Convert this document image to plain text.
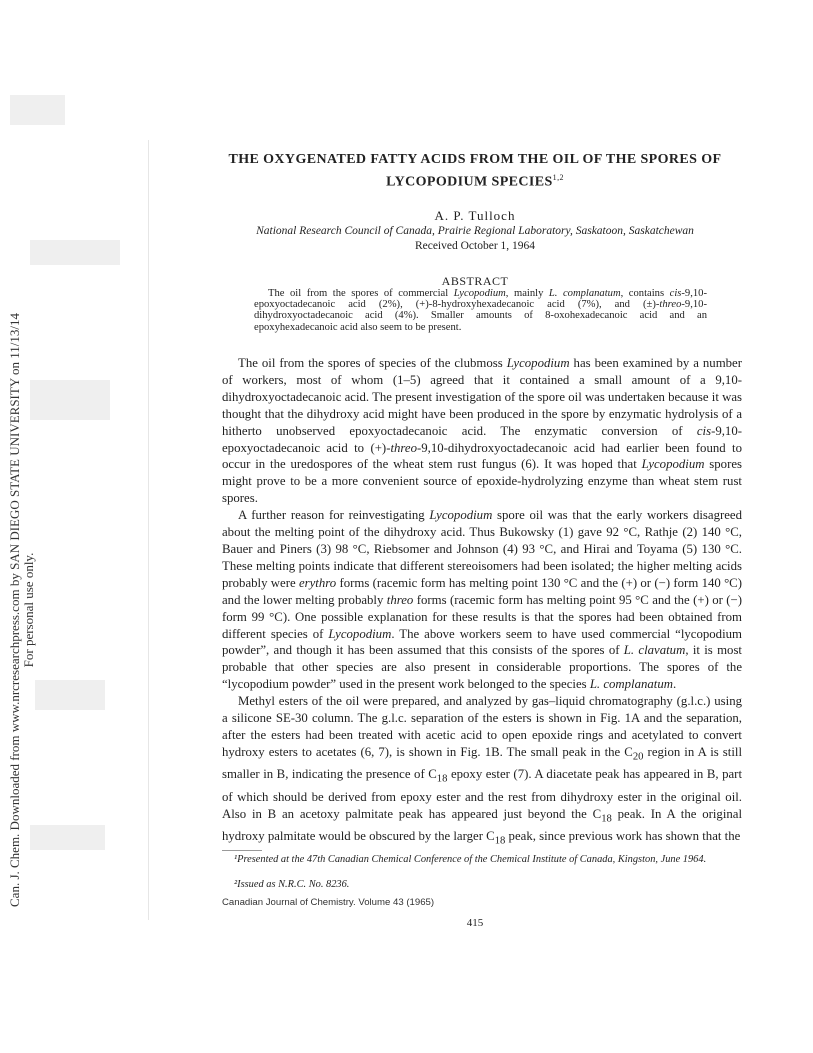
Can. J. Chem. Downloaded from www.nrcresearchpress.com by SAN DIEGO STATE UNIVERSITY on 11/13/14 For personal use only.
THE OXYGENATED FATTY ACIDS FROM THE OIL OF THE SPORES OF
LYCOPODIUM SPECIES$^{1,2}$
A. P. Tulloch
National Research Council of Canada, Prairie Regional Laboratory, Saskatoon, Saskatchewan
Received October 1, 1964
ABSTRACT
The oil from the spores of commercial Lycopodium, mainly L. complanatum, contains cis-9,10-epoxyoctadecanoic acid (2%), (+)-8-hydroxyhexadecanoic acid (7%), and (±)-threo-9,10-dihydroxyoctadecanoic acid (4%). Smaller amounts of 8-oxohexadecanoic acid and an epoxyhexadecanoic acid also seem to be present.

The oil from the spores of species of the clubmoss Lycopodium has been examined by a number of workers, most of whom (1–5) agreed that it contained a small amount of a 9,10-dihydroxyoctadecanoic acid. The present investigation of the spore oil was undertaken because it was thought that the dihydroxy acid might have been produced in the spore by enzymatic hydrolysis of a hitherto unobserved epoxyoctadecanoic acid. The enzymatic conversion of cis-9,10-epoxyoctadecanoic acid to (+)-threo-9,10-dihydroxyoctadecanoic acid had earlier been found to occur in the uredospores of the wheat stem rust fungus (6). It was hoped that Lycopodium spores might prove to be a more convenient source of epoxide-hydrolyzing enzyme than wheat stem rust spores.

A further reason for reinvestigating Lycopodium spore oil was that the early workers disagreed about the melting point of the dihydroxy acid. Thus Bukowsky (1) gave 92 °C, Rathje (2) 140 °C, Bauer and Piners (3) 98 °C, Riebsomer and Johnson (4) 93 °C, and Hirai and Toyama (5) 130 °C. These melting points indicate that different stereoisomers had been isolated; the higher melting acids probably were erythro forms (racemic form has melting point 130 °C and the (+) or (−) form 140 °C) and the lower melting probably threo forms (racemic form has melting point 95 °C and the (+) or (−) form 99 °C). One possible explanation for these results is that the spores had been obtained from different species of Lycopodium. The above workers seem to have used commercial “lycopodium powder”, and though it has been assumed that this consists of the spores of L. clavatum, it is most probable that other species are also present in considerable proportions. The spores of the “lycopodium powder” used in the present work belonged to the species L. complanatum.

Methyl esters of the oil were prepared, and analyzed by gas–liquid chromatography (g.l.c.) using a silicone SE-30 column. The g.l.c. separation of the esters is shown in Fig. 1A and the separation, after the esters had been treated with acetic acid to open epoxide rings and acetylated to convert hydroxy esters to acetates (6, 7), is shown in Fig. 1B. The small peak in the $C_{20}$ region in A is still smaller in B, indicating the presence of $C_{18}$ epoxy ester (7). A diacetate peak has appeared in B, part of which should be derived from epoxy ester and the rest from dihydroxy ester in the original oil. Also in B an acetoxy palmitate peak has appeared just beyond the $C_{18}$ peak. In A the original hydroxy palmitate would be obscured by the larger $C_{18}$ peak, since previous work has shown that the

¹Presented at the 47th Canadian Chemical Conference of the Chemical Institute of Canada, Kingston, June 1964.
²Issued as N.R.C. No. 8236.
Canadian Journal of Chemistry. Volume 43 (1965)
415
